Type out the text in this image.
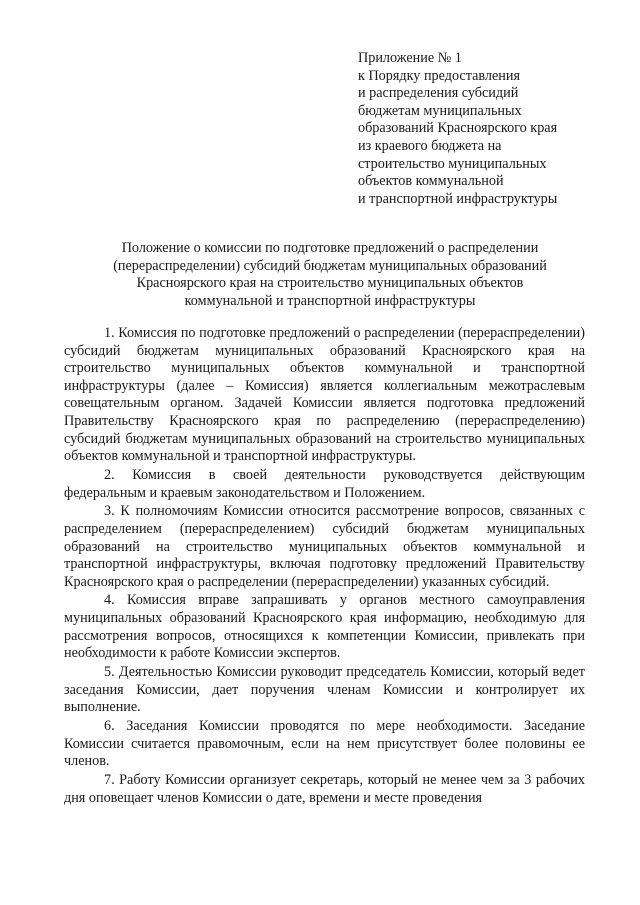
Приложение № 1
к Порядку предоставления
и распределения субсидий
бюджетам муниципальных
образований Красноярского края
из краевого бюджета на
строительство муниципальных
объектов коммунальной
и транспортной инфраструктуры
Положение о комиссии по подготовке предложений о распределении
(перераспределении) субсидий бюджетам муниципальных образований
Красноярского края на строительство муниципальных объектов
коммунальной и транспортной инфраструктуры

1. Комиссия по подготовке предложений о распределении (перераспределении) субсидий бюджетам муниципальных образований Красноярского края на строительство муниципальных объектов коммунальной и транспортной инфраструктуры (далее – Комиссия) является коллегиальным межотраслевым совещательным органом. Задачей Комиссии является подготовка предложений Правительству Красноярского края по распределению (перераспределению) субсидий бюджетам муниципальных образований на строительство муниципальных объектов коммунальной и транспортной инфраструктуры.

2. Комиссия в своей деятельности руководствуется действующим федеральным и краевым законодательством и Положением.

3. К полномочиям Комиссии относится рассмотрение вопросов, связанных с распределением (перераспределением) субсидий бюджетам муниципальных образований на строительство муниципальных объектов коммунальной и транспортной инфраструктуры, включая подготовку предложений Правительству Красноярского края о распределении (перераспределении) указанных субсидий.

4. Комиссия вправе запрашивать у органов местного самоуправления муниципальных образований Красноярского края информацию, необходимую для рассмотрения вопросов, относящихся к компетенции Комиссии, привлекать при необходимости к работе Комиссии экспертов.

5. Деятельностью Комиссии руководит председатель Комиссии, который ведет заседания Комиссии, дает поручения членам Комиссии и контролирует их выполнение.

6. Заседания Комиссии проводятся по мере необходимости. Заседание Комиссии считается правомочным, если на нем присутствует более половины ее членов.

7. Работу Комиссии организует секретарь, который не менее чем за 3 рабочих дня оповещает членов Комиссии о дате, времени и месте проведения
